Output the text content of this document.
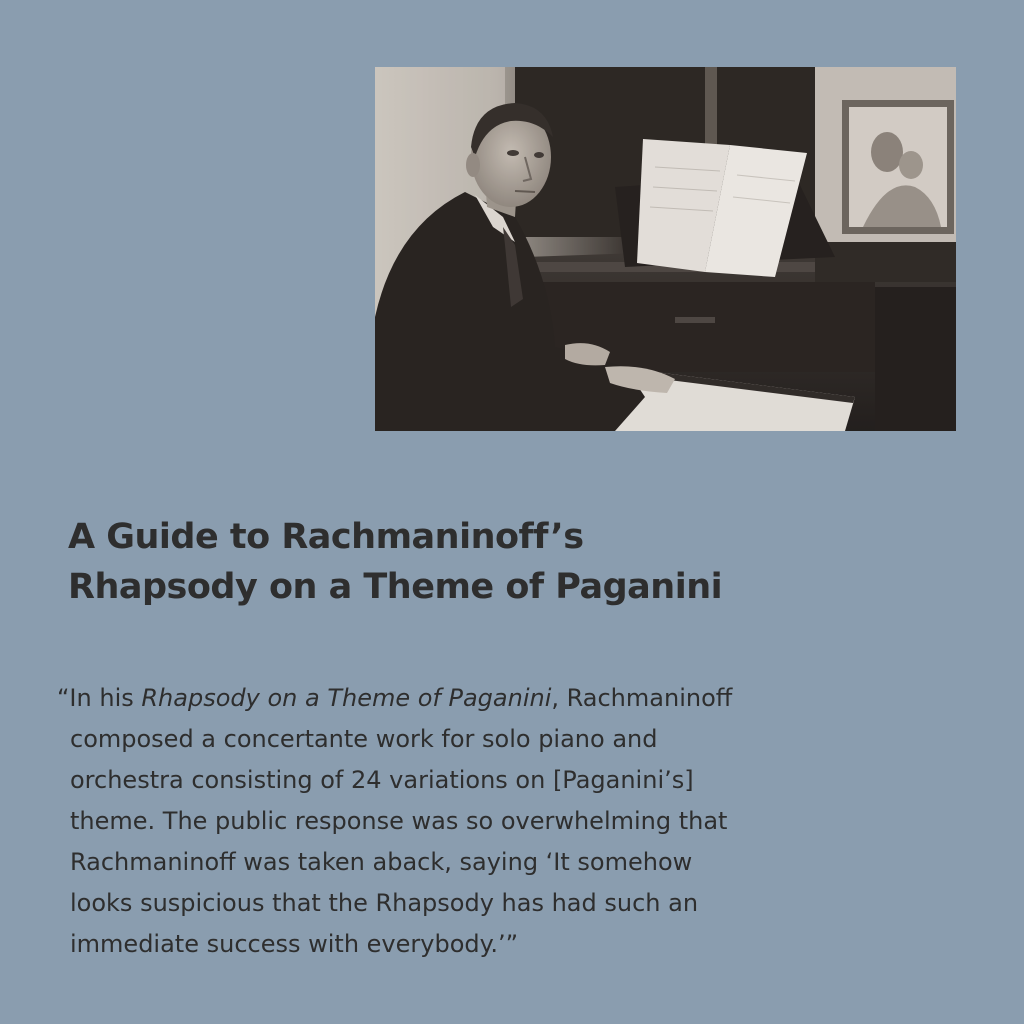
A Guide to Rachmaninoff’s
Rhapsody on a Theme of Paganini
“In his Rhapsody on a Theme of Paganini, Rachmaninoff
composed a concertante work for solo piano and
orchestra consisting of 24 variations on [Paganini’s]
theme. The public response was so overwhelming that
Rachmaninoff was taken aback, saying ‘It somehow
looks suspicious that the Rhapsody has had such an
immediate success with everybody.’”
